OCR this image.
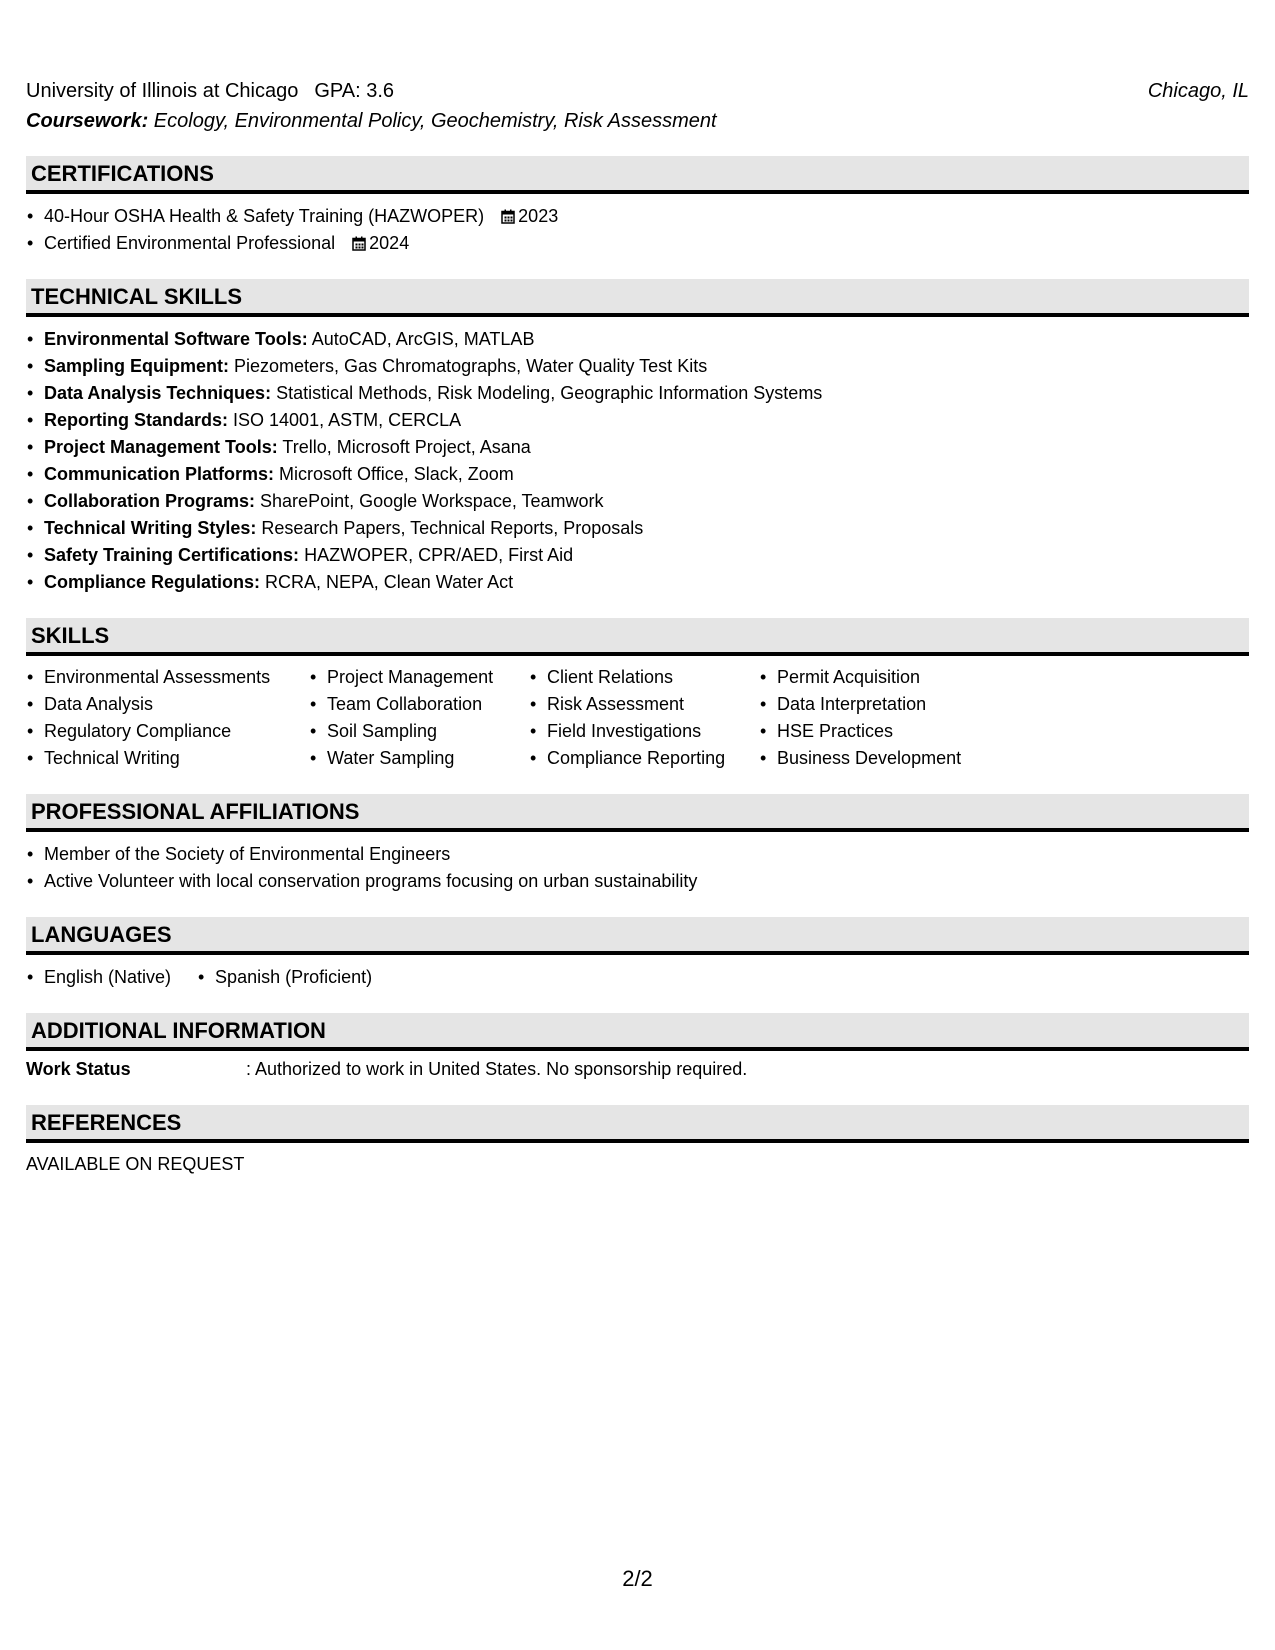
University of Illinois at Chicago GPA: 3.6	Chicago, IL
Coursework: Ecology, Environmental Policy, Geochemistry, Risk Assessment
CERTIFICATIONS
• 40-Hour OSHA Health & Safety Training (HAZWOPER) 2023
• Certified Environmental Professional 2024
TECHNICAL SKILLS
• Environmental Software Tools: AutoCAD, ArcGIS, MATLAB
• Sampling Equipment: Piezometers, Gas Chromatographs, Water Quality Test Kits
• Data Analysis Techniques: Statistical Methods, Risk Modeling, Geographic Information Systems
• Reporting Standards: ISO 14001, ASTM, CERCLA
• Project Management Tools: Trello, Microsoft Project, Asana
• Communication Platforms: Microsoft Office, Slack, Zoom
• Collaboration Programs: SharePoint, Google Workspace, Teamwork
• Technical Writing Styles: Research Papers, Technical Reports, Proposals
• Safety Training Certifications: HAZWOPER, CPR/AED, First Aid
• Compliance Regulations: RCRA, NEPA, Clean Water Act
SKILLS
• Environmental Assessments
• Data Analysis
• Regulatory Compliance
• Technical Writing
• Project Management
• Team Collaboration
• Soil Sampling
• Water Sampling
• Client Relations
• Risk Assessment
• Field Investigations
• Compliance Reporting
• Permit Acquisition
• Data Interpretation
• HSE Practices
• Business Development
PROFESSIONAL AFFILIATIONS
• Member of the Society of Environmental Engineers
• Active Volunteer with local conservation programs focusing on urban sustainability
LANGUAGES
• English (Native)
•	Spanish (Proficient)
ADDITIONAL INFORMATION
Work Status	: Authorized to work in United States. No sponsorship required.
REFERENCES
AVAILABLE ON REQUEST
2/2
